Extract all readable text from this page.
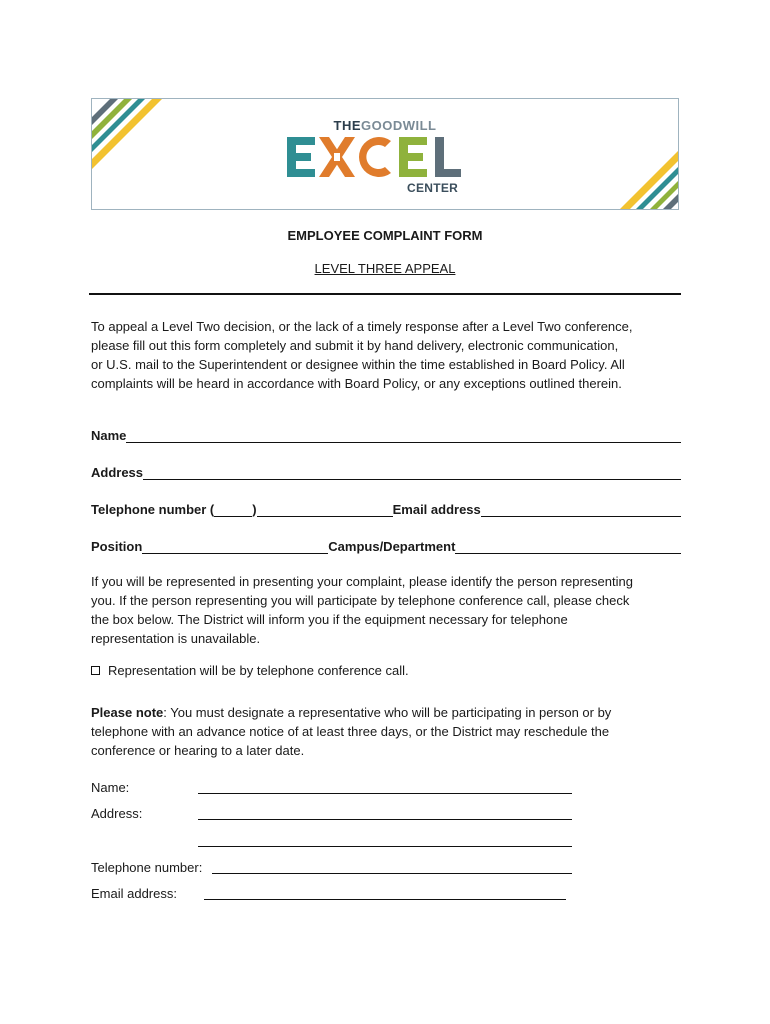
THEGOODWILL
CENTER
EMPLOYEE COMPLAINT FORM
LEVEL THREE APPEAL
To appeal a Level Two decision, or the lack of a timely response after a Level Two conference,
please fill out this form completely and submit it by hand delivery, electronic communication,
or U.S. mail to the Superintendent or designee within the time established in Board Policy. All
complaints will be heard in accordance with Board Policy, or any exceptions outlined therein.
Name
Address
Telephone number (	)	Email address
Position	Campus/Department
If you will be represented in presenting your complaint, please identify the person representing
you. If the person representing you will participate by telephone conference call, please check
the box below. The District will inform you if the equipment necessary for telephone
representation is unavailable.
Representation will be by telephone conference call.
Please note: You must designate a representative who will be participating in person or by
telephone with an advance notice of at least three days, or the District may reschedule the
conference or hearing to a later date.
Name:
Address:
Telephone number:
Email address:
